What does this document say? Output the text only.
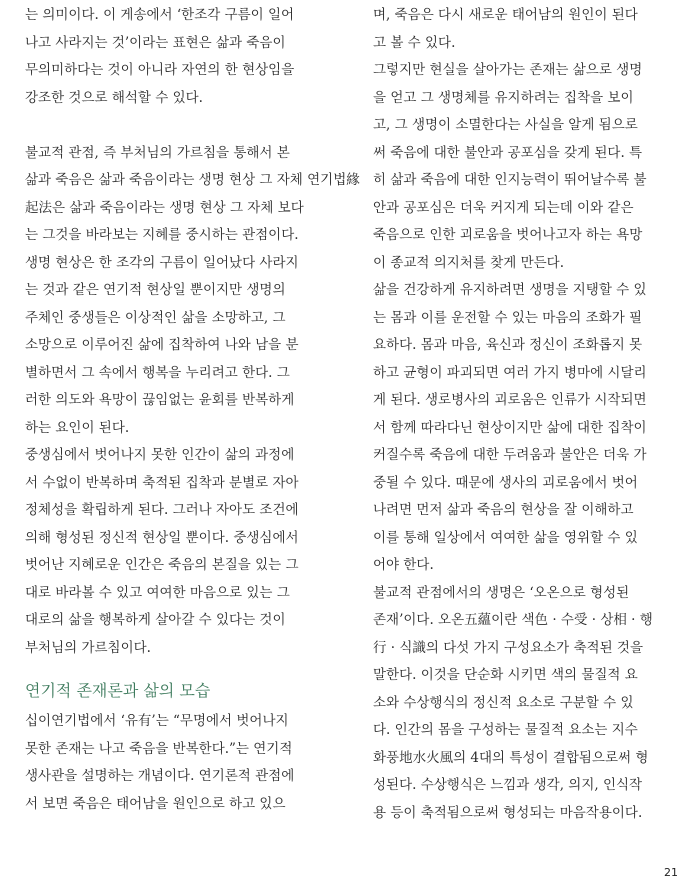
는 의미이다. 이 게송에서 ‘한조각 구름이 일어
나고 사라지는 것’이라는 표현은 삶과 죽음이
무의미하다는 것이 아니라 자연의 한 현상임을
강조한 것으로 해석할 수 있다.
불교적 관점, 즉 부처님의 가르침을 통해서 본
삶과 죽음은 삶과 죽음이라는 생명 현상 그 자체 연기법緣
起法은 삶과 죽음이라는 생명 현상 그 자체 보다
는 그것을 바라보는 지혜를 중시하는 관점이다.
생명 현상은 한 조각의 구름이 일어났다 사라지
는 것과 같은 연기적 현상일 뿐이지만 생명의
주체인 중생들은 이상적인 삶을 소망하고, 그
소망으로 이루어진 삶에 집착하여 나와 남을 분
별하면서 그 속에서 행복을 누리려고 한다. 그
러한 의도와 욕망이 끊임없는 윤회를 반복하게
하는 요인이 된다.
중생심에서 벗어나지 못한 인간이 삶의 과정에
서 수없이 반복하며 축적된 집착과 분별로 자아
정체성을 확립하게 된다. 그러나 자아도 조건에
의해 형성된 정신적 현상일 뿐이다. 중생심에서
벗어난 지혜로운 인간은 죽음의 본질을 있는 그
대로 바라볼 수 있고 여여한 마음으로 있는 그
대로의 삶을 행복하게 살아갈 수 있다는 것이
부처님의 가르침이다.
연기적 존재론과 삶의 모습
십이연기법에서 ‘유有’는 “무명에서 벗어나지
못한 존재는 나고 죽음을 반복한다.”는 연기적
생사관을 설명하는 개념이다. 연기론적 관점에
서 보면 죽음은 태어남을 원인으로 하고 있으
며, 죽음은 다시 새로운 태어남의 원인이 된다
고 볼 수 있다.
그렇지만 현실을 살아가는 존재는 삶으로 생명
을 얻고 그 생명체를 유지하려는 집착을 보이
고, 그 생명이 소멸한다는 사실을 알게 됨으로
써 죽음에 대한 불안과 공포심을 갖게 된다. 특
히 삶과 죽음에 대한 인지능력이 뛰어날수록 불
안과 공포심은 더욱 커지게 되는데 이와 같은
죽음으로 인한 괴로움을 벗어나고자 하는 욕망
이 종교적 의지처를 찾게 만든다.
삶을 건강하게 유지하려면 생명을 지탱할 수 있
는 몸과 이를 운전할 수 있는 마음의 조화가 필
요하다. 몸과 마음, 육신과 정신이 조화롭지 못
하고 균형이 파괴되면 여러 가지 병마에 시달리
게 된다. 생로병사의 괴로움은 인류가 시작되면
서 함께 따라다닌 현상이지만 삶에 대한 집착이
커질수록 죽음에 대한 두려움과 불안은 더욱 가
중될 수 있다. 때문에 생사의 괴로움에서 벗어
나려면 먼저 삶과 죽음의 현상을 잘 이해하고
이를 통해 일상에서 여여한 삶을 영위할 수 있
어야 한다.
불교적 관점에서의 생명은 ‘오온으로 형성된
존재’이다. 오온五蘊이란 색色 · 수受 · 상相 · 행
行 · 식識의 다섯 가지 구성요소가 축적된 것을
말한다. 이것을 단순화 시키면 색의 물질적 요
소와 수상행식의 정신적 요소로 구분할 수 있
다. 인간의 몸을 구성하는 물질적 요소는 지수
화풍地水火風의 4대의 특성이 결합됨으로써 형
성된다. 수상행식은 느낌과 생각, 의지, 인식작
용 등이 축적됨으로써 형성되는 마음작용이다.
21
